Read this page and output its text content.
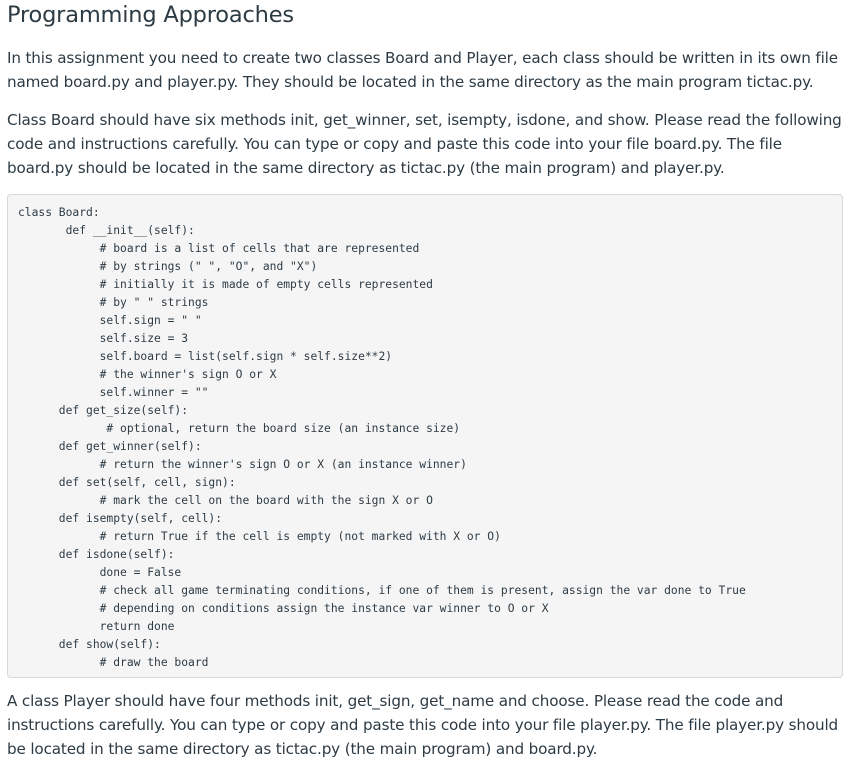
Programming Approaches

In this assignment you need to create two classes Board and Player, each class should be written in its own file named board.py and player.py. They should be located in the same directory as the main program tictac.py.

Class Board should have six methods init, get_winner, set, isempty, isdone, and show. Please read the following code and instructions carefully. You can type or copy and paste this code into your file board.py. The file board.py should be located in the same directory as tictac.py (the main program) and player.py.

class Board:
def __init__(self):
# board is a list of cells that are represented
# by strings (" ", "O", and "X")
# initially it is made of empty cells represented
# by " " strings
self.sign = " "
self.size = 3
self.board = list(self.sign * self.size**2)
# the winner's sign O or X
self.winner = ""
def get_size(self):
# optional, return the board size (an instance size)
def get_winner(self):
# return the winner's sign O or X (an instance winner)
def set(self, cell, sign):
# mark the cell on the board with the sign X or O
def isempty(self, cell):
# return True if the cell is empty (not marked with X or O)
def isdone(self):
done = False
# check all game terminating conditions, if one of them is present, assign the var done to True
# depending on conditions assign the instance var winner to O or X
return done
def show(self):
# draw the board

A class Player should have four methods init, get_sign, get_name and choose. Please read the code and instructions carefully. You can type or copy and paste this code into your file player.py. The file player.py should be located in the same directory as tictac.py (the main program) and board.py.
